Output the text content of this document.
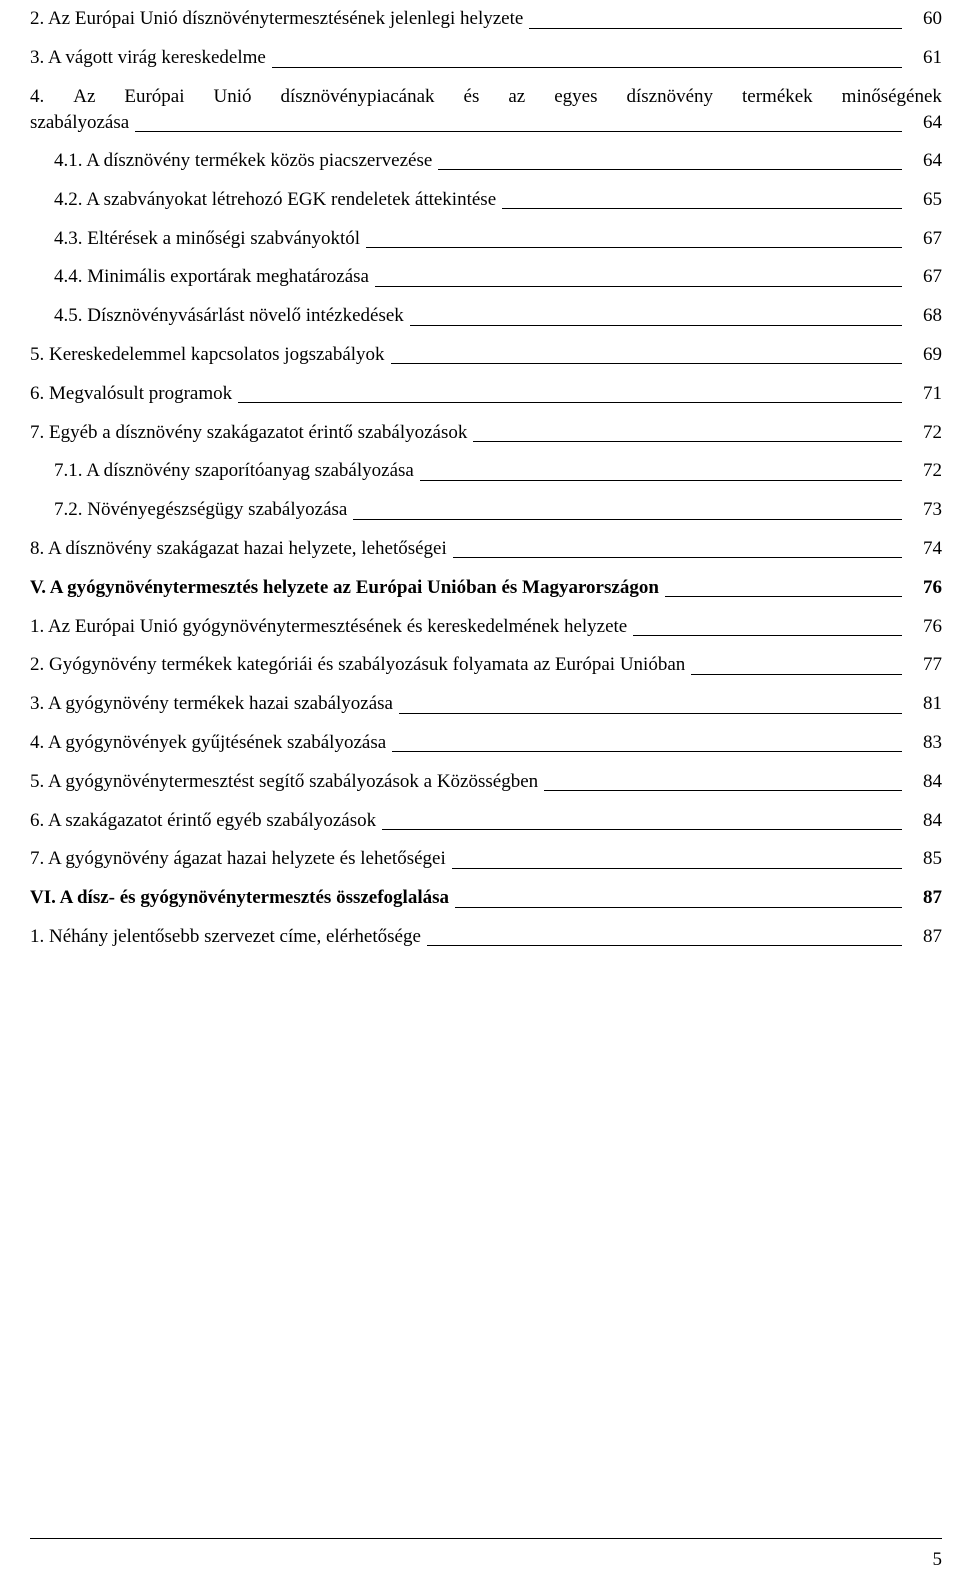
2. Az Európai Unió dísznövénytermesztésének jelenlegi helyzete	60
3. A vágott virág kereskedelme	61
4. Az Európai Unió dísznövénypiacának és az egyes dísznövény termékek minőségének
szabályozása	64
4.1. A dísznövény termékek közös piacszervezése	64
4.2. A szabványokat létrehozó EGK rendeletek áttekintése	65
4.3. Eltérések a minőségi szabványoktól	67
4.4. Minimális exportárak meghatározása	67
4.5. Dísznövényvásárlást növelő intézkedések	68
5. Kereskedelemmel kapcsolatos jogszabályok	69
6. Megvalósult programok	71
7. Egyéb a dísznövény szakágazatot érintő szabályozások	72
7.1. A dísznövény szaporítóanyag szabályozása	72
7.2. Növényegészségügy szabályozása	73
8. A dísznövény szakágazat hazai helyzete, lehetőségei	74
V. A gyógynövénytermesztés helyzete az Európai Unióban és Magyarországon	76
1. Az Európai Unió gyógynövénytermesztésének és kereskedelmének helyzete	76
2. Gyógynövény termékek kategóriái és szabályozásuk folyamata az Európai Unióban	77
3. A gyógynövény termékek hazai szabályozása	81
4. A gyógynövények gyűjtésének szabályozása	83
5. A gyógynövénytermesztést segítő szabályozások a Közösségben	84
6. A szakágazatot érintő egyéb szabályozások	84
7. A gyógynövény ágazat hazai helyzete és lehetőségei	85
VI. A dísz- és gyógynövénytermesztés összefoglalása	87
1. Néhány jelentősebb szervezet címe, elérhetősége	87
5
